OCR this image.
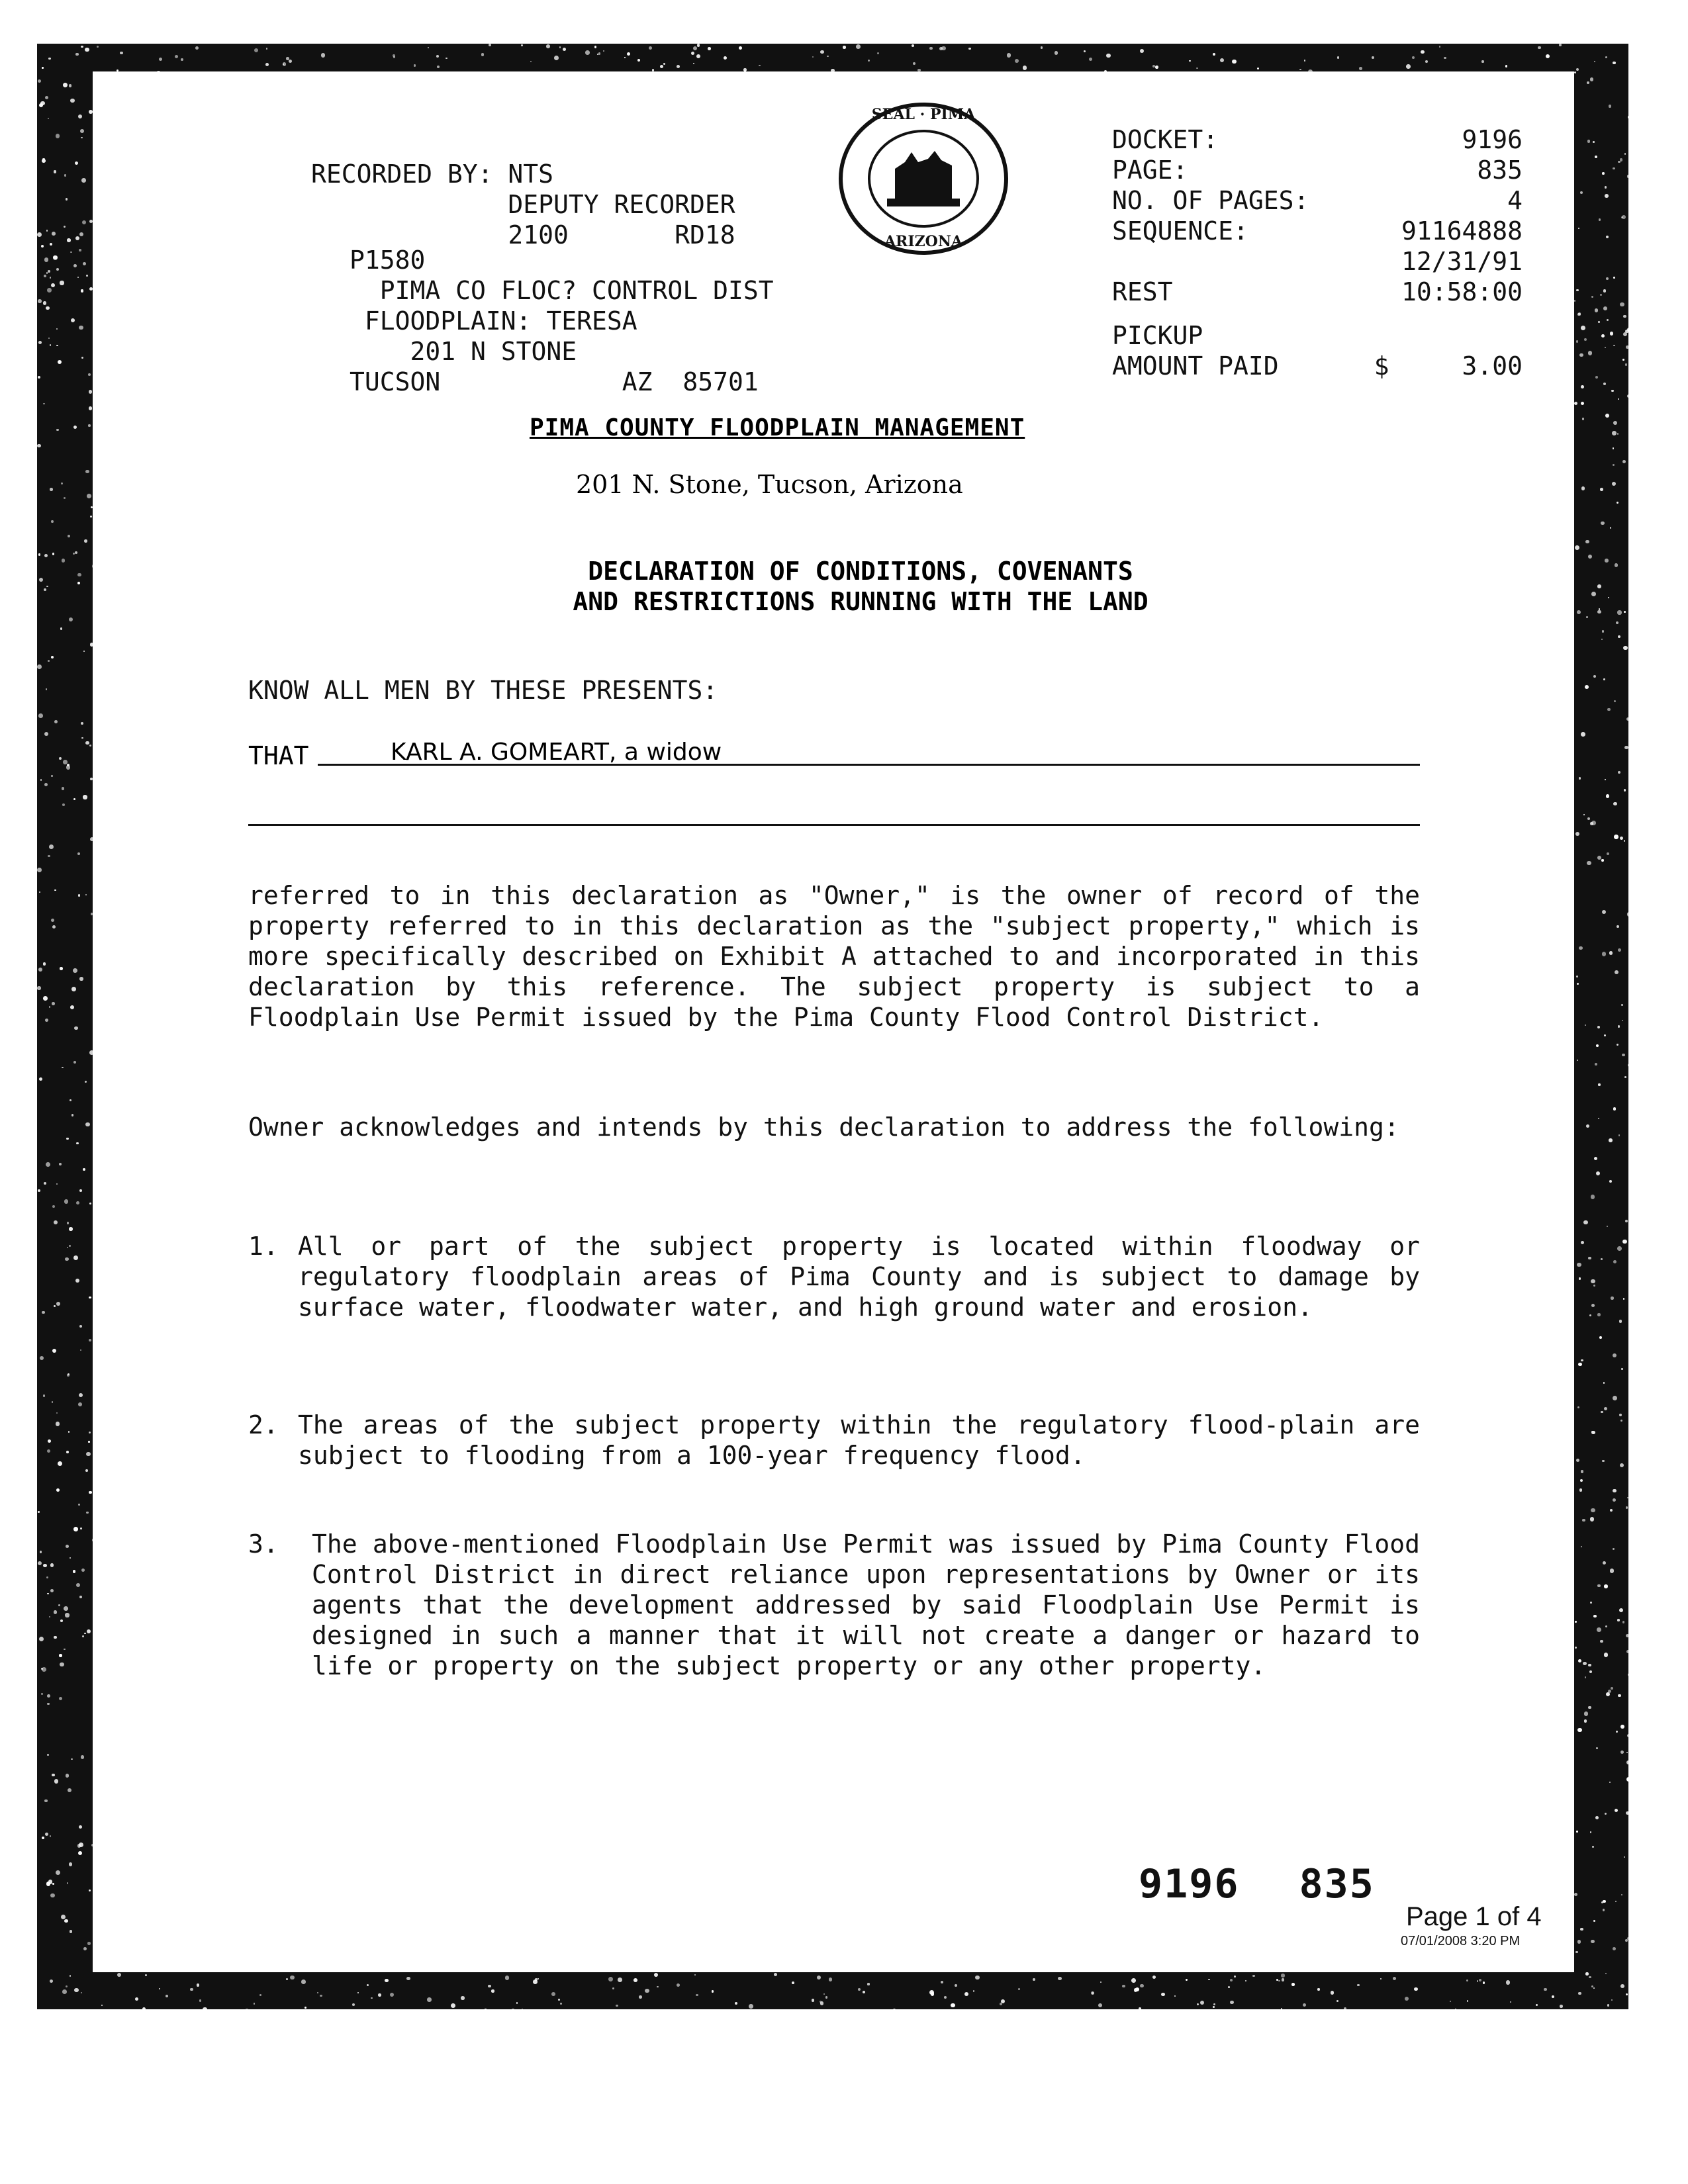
RECORDED BY: NTS
DEPUTY RECORDER
2100       RD18
P1580
PIMA CO FLOC? CONTROL DIST
FLOODPLAIN: TERESA
201 N STONE
TUCSON            AZ  85701
SEAL · PIMA
ARIZONA
DOCKET:	9196
PAGE:	835
NO. OF PAGES:	4
SEQUENCE:	91164888
12/31/91
REST	10:58:00
PICKUP
AMOUNT PAID	$	3.00
PIMA COUNTY FLOODPLAIN MANAGEMENT
201 N. Stone, Tucson, Arizona
DECLARATION OF CONDITIONS, COVENANTS
AND RESTRICTIONS RUNNING WITH THE LAND
KNOW ALL MEN BY THESE PRESENTS:
THAT	KARL A. GOMEART, a widow
referred to in this declaration as "Owner," is the owner of record of the property referred to in this declaration as the "subject property," which is more specifically described on Exhibit A attached to and incorporated in this declaration by this reference. The subject property is subject to a Floodplain Use Permit issued by the Pima County Flood Control District.
Owner acknowledges and intends by this declaration to address the following:
1. All or part of the subject property is located within floodway or regulatory floodplain areas of Pima County and is subject to damage by surface water, floodwater water, and high ground water and erosion.
2. The areas of the subject property within the regulatory flood-plain are subject to flooding from a 100-year frequency flood.
3. The above-mentioned Floodplain Use Permit was issued by Pima County Flood Control District in direct reliance upon representations by Owner or its agents that the development addressed by said Floodplain Use Permit is designed in such a manner that it will not create a danger or hazard to life or property on the subject property or any other property.
9196 835
Page 1 of 4
07/01/2008 3:20 PM
